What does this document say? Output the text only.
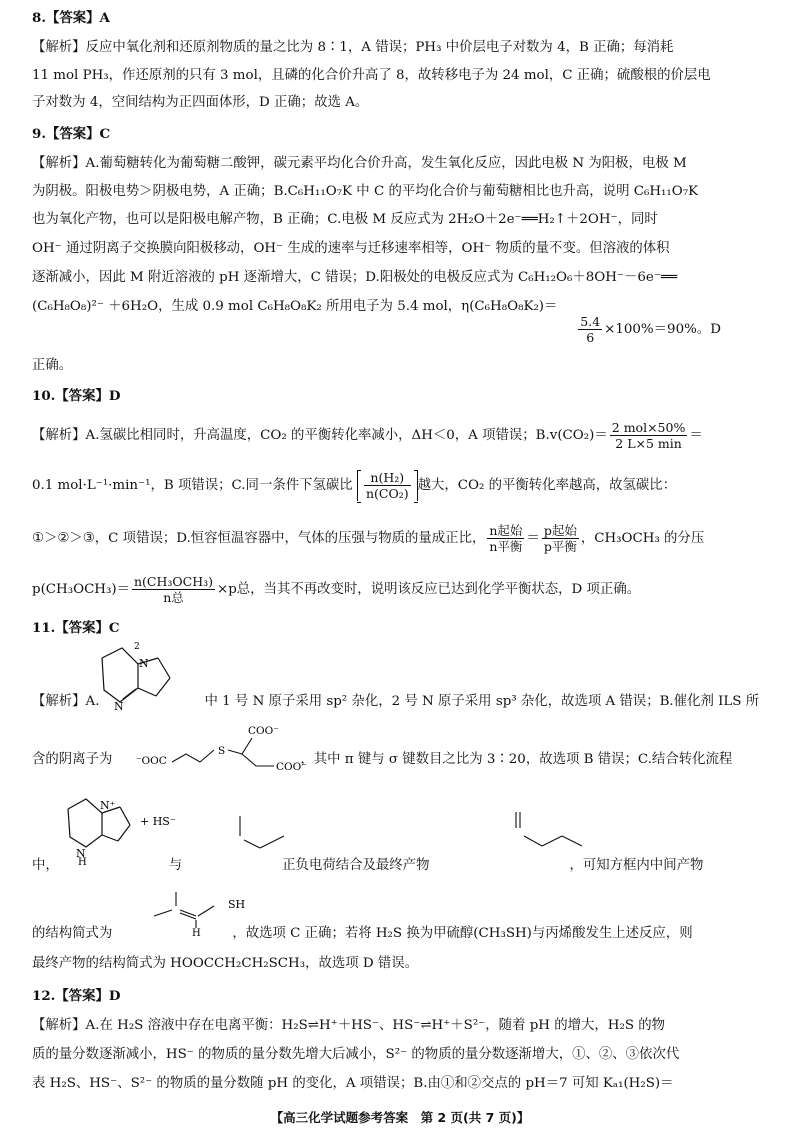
8.【答案】A
【解析】反应中氧化剂和还原剂物质的量之比为 8∶1，A 错误；PH₃ 中价层电子对数为 4，B 正确；每消耗
11 mol PH₃，作还原剂的只有 3 mol，且磷的化合价升高了 8，故转移电子为 24 mol，C 正确；硫酸根的价层电
子对数为 4，空间结构为正四面体形，D 正确；故选 A。
9.【答案】C
【解析】A.葡萄糖转化为葡萄糖二酸钾，碳元素平均化合价升高，发生氧化反应，因此电极 N 为阳极，电极 M
为阴极。阳极电势＞阴极电势，A 正确；B.C₆H₁₁O₇K 中 C 的平均化合价与葡萄糖相比也升高，说明 C₆H₁₁O₇K
也为氧化产物，也可以是阳极电解产物，B 正确；C.电极 M 反应式为 2H₂O＋2e⁻══H₂↑＋2OH⁻，同时
OH⁻ 通过阴离子交换膜向阳极移动，OH⁻ 生成的速率与迁移速率相等，OH⁻ 物质的量不变。但溶液的体积
逐渐减小，因此 M 附近溶液的 pH 逐渐增大，C 错误；D.阳极处的电极反应式为 C₆H₁₂O₆＋8OH⁻－6e⁻══
(C₆H₈O₈)²⁻ ＋6H₂O，生成 0.9 mol C₆H₈O₈K₂ 所用电子为 5.4 mol，η(C₆H₈O₈K₂)＝

$\frac{5.4}{6} \times 100\%=90\%$。D
正确。
10.【答案】D
【解析】A.氢碳比相同时，升高温度，CO₂ 的平衡转化率减小，ΔH＜0，A 项错误；$B.v(CO_2)= \frac{\text{2 mol×50\%}}{2 L\times 5 \min}$ ＝
0.1 mol·L⁻¹·min⁻¹，B 项错误；C.同一条件下氢碳比 $\frac{\text{n(H₂)}}{\text{n(CO₂)}}$ 越大，CO₂ 的平衡转化率越高，故氢碳比：
①＞②＞③，C 项错误；D.恒容恒温容器中，气体的压强与物质的量成正比， $\frac{\text{n起始}}{\text{n平衡}} = \frac{\text{p起始}}{\text{p平衡}}$ ，CH₃OCH₃ 的分压
$p(CH_3OCH_3)= \frac{\text{n(CH₃OCH₃)}}{\text{n总}} \times p$总，当其不再改变时，说明该反应已达到化学平衡状态，D 项正确。
11.【答案】C
2
N
N
【解析】A.	中 1 号 N 原子采用 sp² 杂化，2 号 N 原子采用 sp³ 杂化，故选项 A 错误；B.催化剂 ILS 所
⁻OOC
S
COO⁻
COO⁻
含的阴离子为	，其中 π 键与 σ 键数目之比为 3∶20，故选项 B 错误；C.结合转化流程
N⁺
N
H
+ HS⁻
中，	与	正负电荷结合及最终产物	，可知方框内中间产物
SH
H
的结构简式为	，故选项 C 正确；若将 H₂S 换为甲硫醇(CH₃SH)与丙烯酸发生上述反应，则
最终产物的结构简式为 HOOCCH₂CH₂SCH₃，故选项 D 错误。
12.【答案】D
【解析】A.在 H₂S 溶液中存在电离平衡：H₂S⇌H⁺＋HS⁻、HS⁻⇌H⁺＋S²⁻，随着 pH 的增大，H₂S 的物
质的量分数逐渐减小，HS⁻ 的物质的量分数先增大后减小，S²⁻ 的物质的量分数逐渐增大，①、②、③依次代
表 H₂S、HS⁻、S²⁻ 的物质的量分数随 pH 的变化，A 项错误；B.由①和②交点的 pH＝7 可知 Kₐ₁(H₂S)＝
【高三化学试题参考答案　第 2 页(共 7 页)】
